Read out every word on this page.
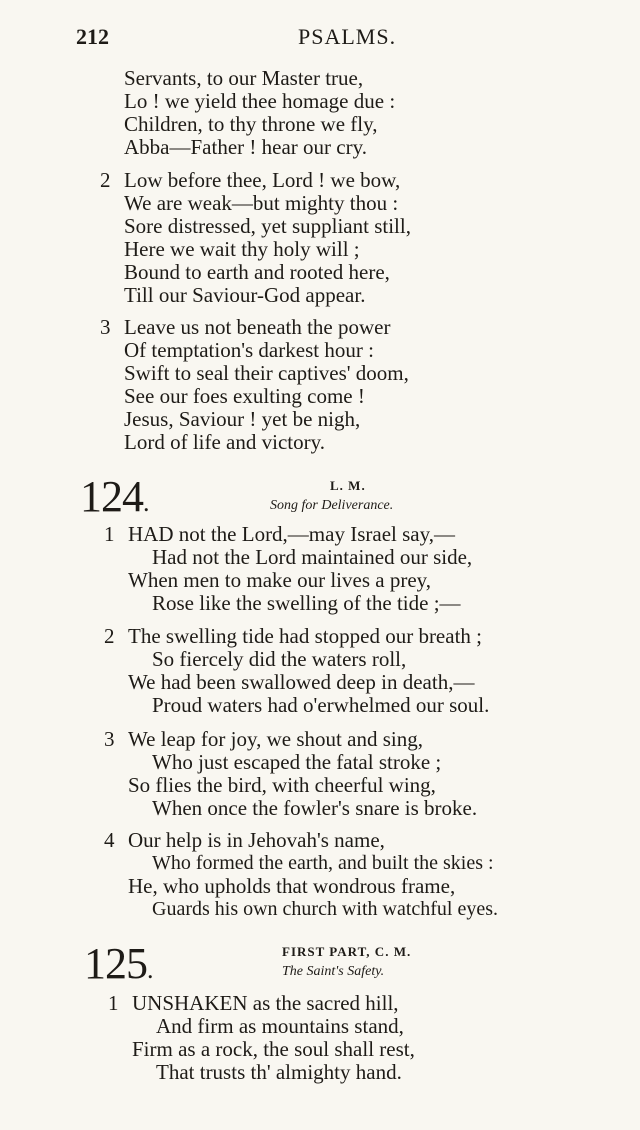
212	PSALMS.
Servants, to our Master true,
Lo ! we yield thee homage due :
Children, to thy throne we fly,
Abba—Father ! hear our cry.
2 Low before thee, Lord ! we bow,
We are weak—but mighty thou :
Sore distressed, yet suppliant still,
Here we wait thy holy will ;
Bound to earth and rooted here,
Till our Saviour-God appear.
3 Leave us not beneath the power
Of temptation's darkest hour :
Swift to seal their captives' doom,
See our foes exulting come !
Jesus, Saviour ! yet be nigh,
Lord of life and victory.
124.
L. M.
Song for Deliverance.
1 HAD not the Lord,—may Israel say,—
Had not the Lord maintained our side,
When men to make our lives a prey,
Rose like the swelling of the tide ;—
2 The swelling tide had stopped our breath ;
So fiercely did the waters roll,
We had been swallowed deep in death,—
Proud waters had o'erwhelmed our soul.
3 We leap for joy, we shout and sing,
Who just escaped the fatal stroke ;
So flies the bird, with cheerful wing,
When once the fowler's snare is broke.
4 Our help is in Jehovah's name,
Who formed the earth, and built the skies :
He, who upholds that wondrous frame,
Guards his own church with watchful eyes.
125.
FIRST PART, C. M.
The Saint's Safety.
1 UNSHAKEN as the sacred hill,
And firm as mountains stand,
Firm as a rock, the soul shall rest,
That trusts th' almighty hand.
